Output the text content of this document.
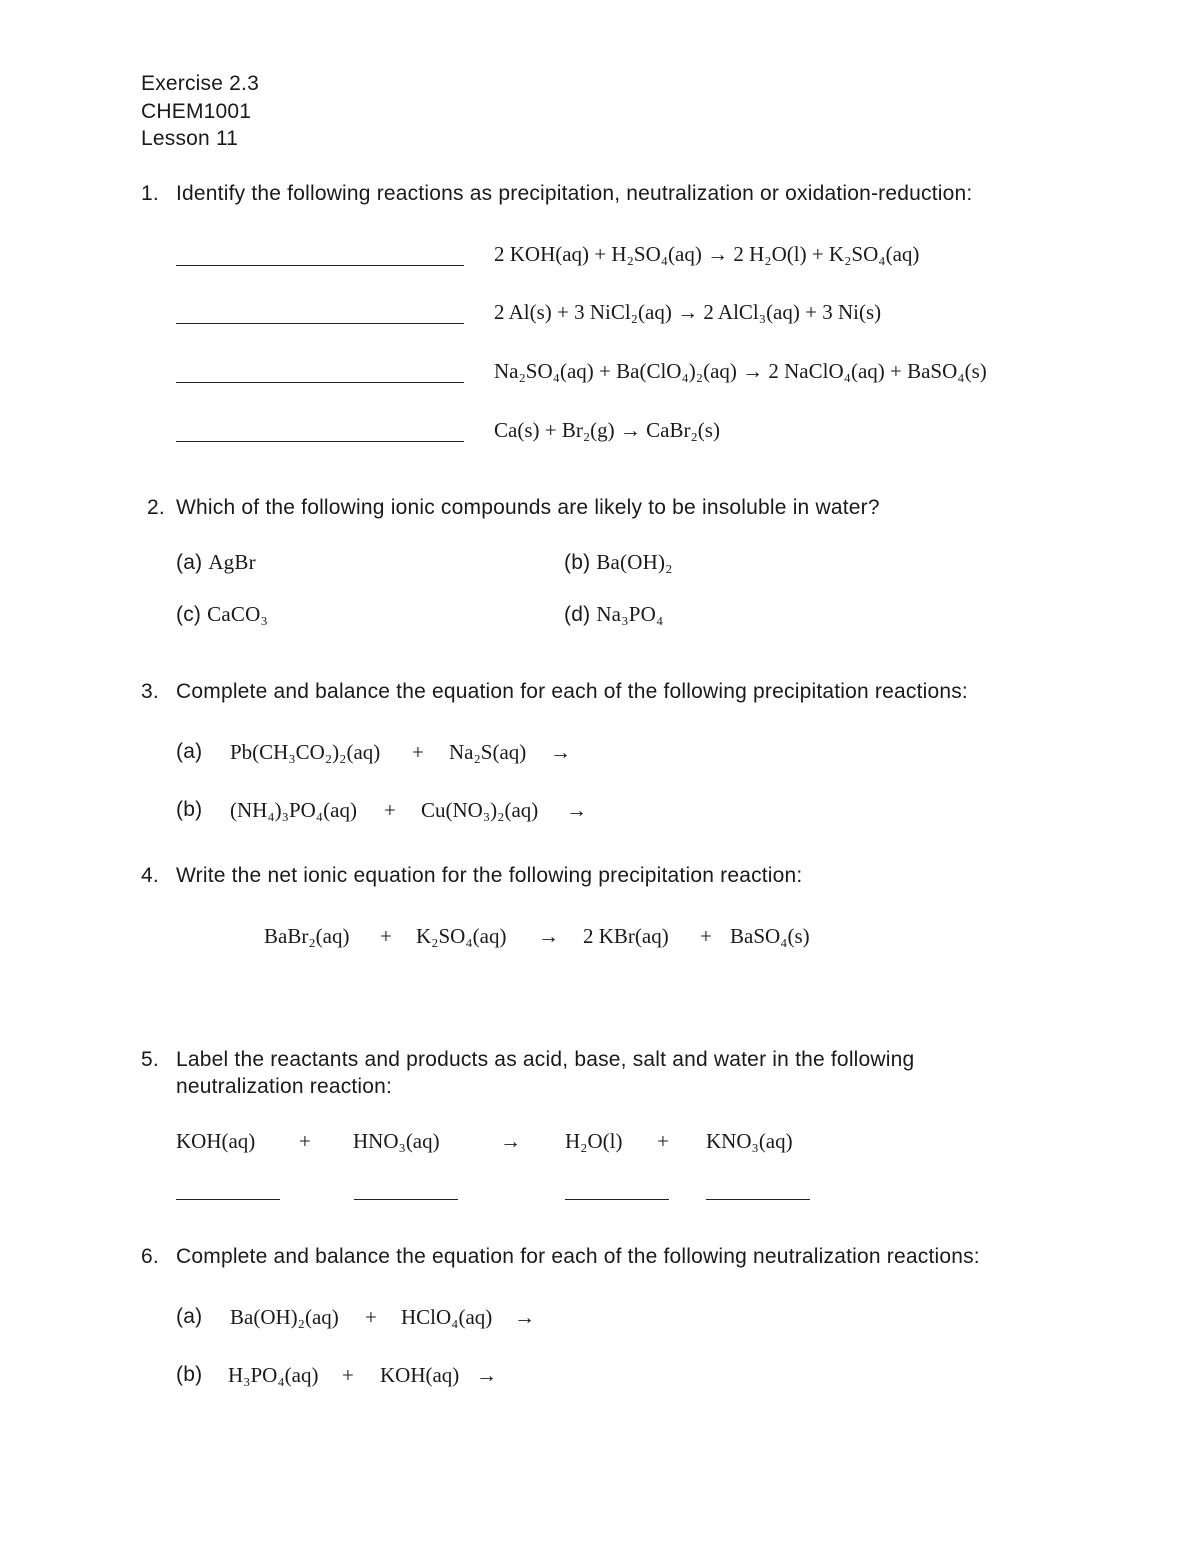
Exercise 2.3
CHEM1001
Lesson 11
1. Identify the following reactions as precipitation, neutralization or oxidation-reduction:
2 KOH(aq) + H₂SO₄(aq) → 2 H₂O(l) + K₂SO₄(aq)
2 Al(s) + 3 NiCl₂(aq) → 2 AlCl₃(aq) + 3 Ni(s)
Na₂SO₄(aq) + Ba(ClO₄)₂(aq) → 2 NaClO₄(aq) + BaSO₄(s)
Ca(s) + Br₂(g) → CaBr₂(s)
2. Which of the following ionic compounds are likely to be insoluble in water?
(a) AgBr	(b) Ba(OH)₂
(c) CaCO₃	(d) Na₃PO₄
3. Complete and balance the equation for each of the following precipitation reactions:
(a) Pb(CH₃CO₂)₂(aq) + Na₂S(aq) →
(b) (NH₄)₃PO₄(aq) + Cu(NO₃)₂(aq) →
4. Write the net ionic equation for the following precipitation reaction:
BaBr₂(aq) + K₂SO₄(aq) → 2 KBr(aq) + BaSO₄(s)
5. Label the reactants and products as acid, base, salt and water in the following
neutralization reaction:
KOH(aq) + HNO₃(aq)	→ H₂O(l) + KNO₃(aq)
6. Complete and balance the equation for each of the following neutralization reactions:
(a) Ba(OH)₂(aq) + HClO₄(aq) →
(b) H₃PO₄(aq) + KOH(aq) →
